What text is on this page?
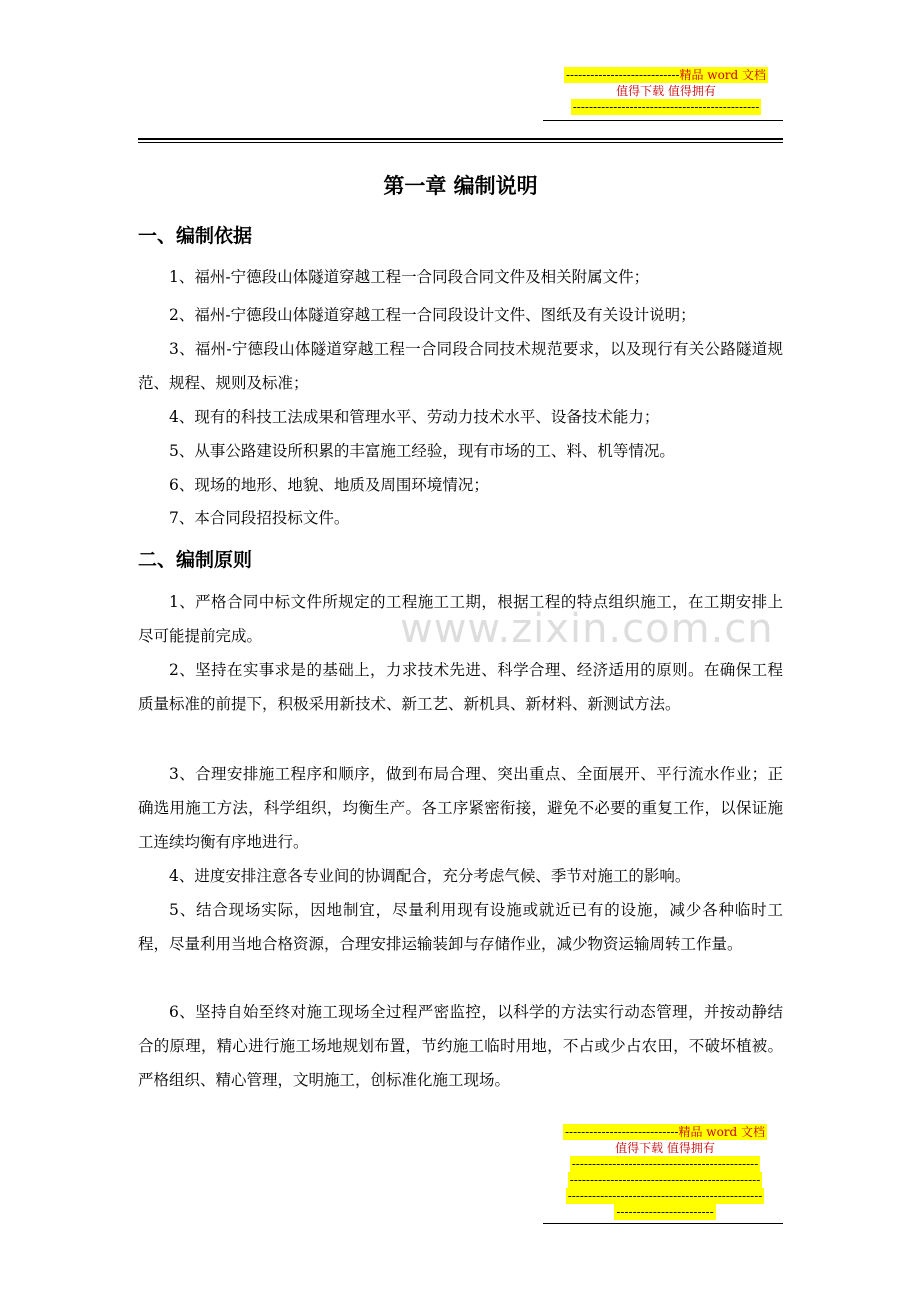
----------------------------精品 word 文档
值得下载 值得拥有
----------------------------------------------
第一章 编制说明
一、编制依据

1、福州-宁德段山体隧道穿越工程一合同段合同文件及相关附属文件；

2、福州-宁德段山体隧道穿越工程一合同段设计文件、图纸及有关设计说明；

3、福州-宁德段山体隧道穿越工程一合同段合同技术规范要求，以及现行有关公路隧道规范、规程、规则及标准；

4、现有的科技工法成果和管理水平、劳动力技术水平、设备技术能力；

5、从事公路建设所积累的丰富施工经验，现有市场的工、料、机等情况。

6、现场的地形、地貌、地质及周围环境情况；

7、本合同段招投标文件。

二、编制原则

1、严格合同中标文件所规定的工程施工工期，根据工程的特点组织施工，在工期安排上尽可能提前完成。

2、坚持在实事求是的基础上，力求技术先进、科学合理、经济适用的原则。在确保工程质量标准的前提下，积极采用新技术、新工艺、新机具、新材料、新测试方法。

3、合理安排施工程序和顺序，做到布局合理、突出重点、全面展开、平行流水作业；正确选用施工方法，科学组织，均衡生产。各工序紧密衔接，避免不必要的重复工作，以保证施工连续均衡有序地进行。

4、进度安排注意各专业间的协调配合，充分考虑气候、季节对施工的影响。

5、结合现场实际，因地制宜，尽量利用现有设施或就近已有的设施，减少各种临时工程，尽量利用当地合格资源，合理安排运输装卸与存储作业，减少物资运输周转工作量。

6、坚持自始至终对施工现场全过程严密监控，以科学的方法实行动态管理，并按动静结合的原理，精心进行施工场地规划布置，节约施工临时用地，不占或少占农田，不破坏植被。严格组织、精心管理，文明施工，创标准化施工现场。

www.zixin.com.cn
----------------------------精品 word 文档
值得下载 值得拥有
----------------------------------------------
-----------------------------------------------
------------------------------------------------
------------------------
